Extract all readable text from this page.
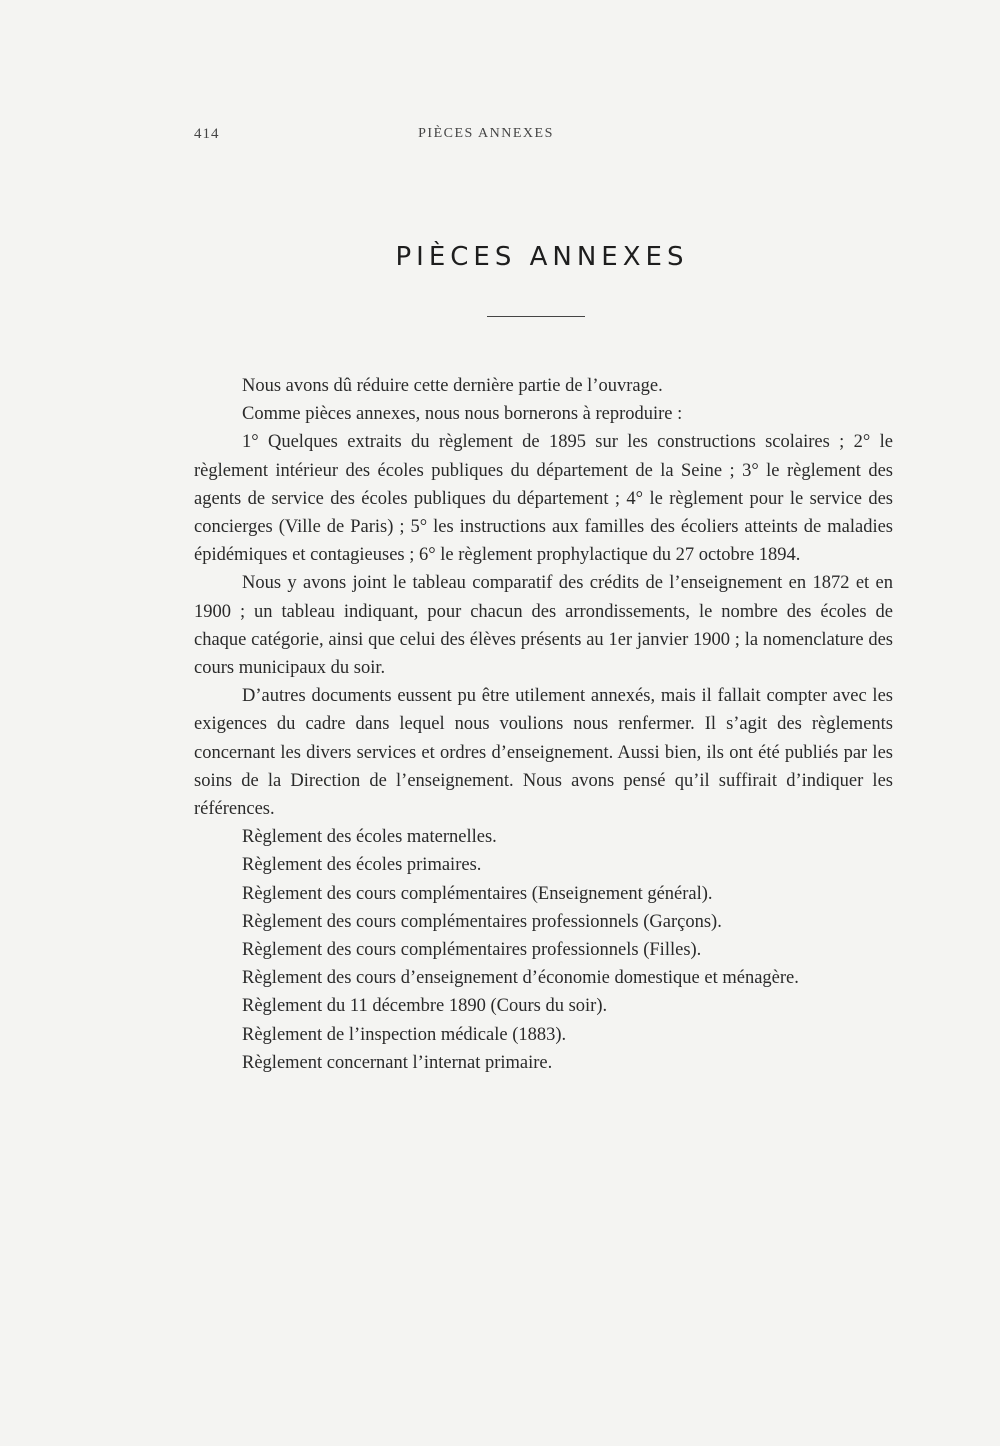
414	PIÈCES ANNEXES
PIÈCES ANNEXES

Nous avons dû réduire cette dernière partie de l’ouvrage.

Comme pièces annexes, nous nous bornerons à reproduire :

1° Quelques extraits du règlement de 1895 sur les constructions scolaires ; 2° le règlement intérieur des écoles publiques du département de la Seine ; 3° le règlement des agents de service des écoles publiques du département ; 4° le règlement pour le service des concierges (Ville de Paris) ; 5° les instructions aux familles des écoliers atteints de maladies épidémiques et contagieuses ; 6° le règlement prophylactique du 27 octobre 1894.

Nous y avons joint le tableau comparatif des crédits de l’enseignement en 1872 et en 1900 ; un tableau indiquant, pour chacun des arrondissements, le nombre des écoles de chaque catégorie, ainsi que celui des élèves présents au 1er janvier 1900 ; la nomenclature des cours municipaux du soir.

D’autres documents eussent pu être utilement annexés, mais il fallait compter avec les exigences du cadre dans lequel nous voulions nous renfermer. Il s’agit des règlements concernant les divers services et ordres d’enseignement. Aussi bien, ils ont été publiés par les soins de la Direction de l’enseignement. Nous avons pensé qu’il suffirait d’indiquer les références.

Règlement des écoles maternelles.
Règlement des écoles primaires.
Règlement des cours complémentaires (Enseignement général).
Règlement des cours complémentaires professionnels (Garçons).
Règlement des cours complémentaires professionnels (Filles).
Règlement des cours d’enseignement d’économie domestique et ménagère.
Règlement du 11 décembre 1890 (Cours du soir).
Règlement de l’inspection médicale (1883).
Règlement concernant l’internat primaire.
